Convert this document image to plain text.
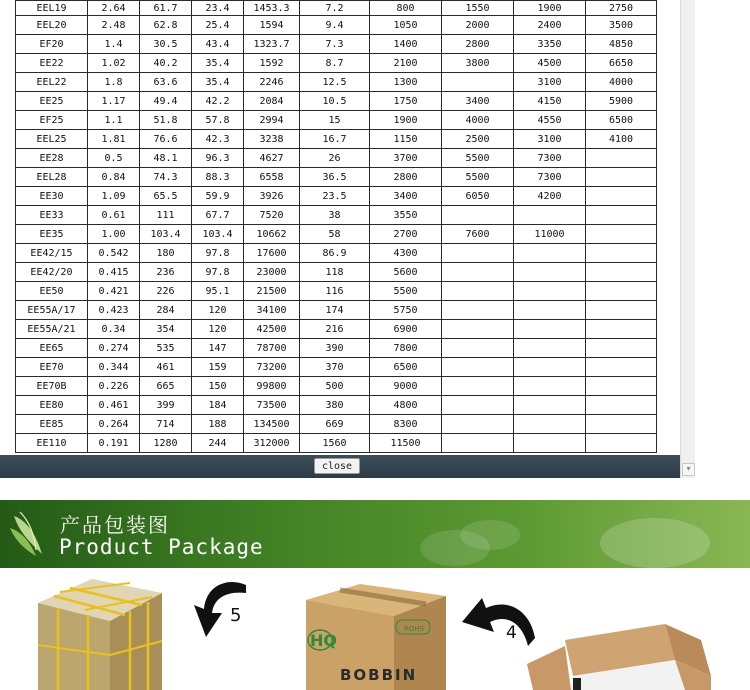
EEL19	2.64	61.7	23.4	1453.3	7.2	800	1550	1900	2750
EEL20	2.48	62.8	25.4	1594	9.4	1050	2000	2400	3500
EF20	1.4	30.5	43.4	1323.7	7.3	1400	2800	3350	4850
EE22	1.02	40.2	35.4	1592	8.7	2100	3800	4500	6650
EEL22	1.8	63.6	35.4	2246	12.5	1300		3100	4000
EE25	1.17	49.4	42.2	2084	10.5	1750	3400	4150	5900
EF25	1.1	51.8	57.8	2994	15	1900	4000	4550	6500
EEL25	1.81	76.6	42.3	3238	16.7	1150	2500	3100	4100
EE28	0.5	48.1	96.3	4627	26	3700	5500	7300	
EEL28	0.84	74.3	88.3	6558	36.5	2800	5500	7300	
EE30	1.09	65.5	59.9	3926	23.5	3400	6050	4200	
EE33	0.61	111	67.7	7520	38	3550			
EE35	1.00	103.4	103.4	10662	58	2700	7600	11000	
EE42/15	0.542	180	97.8	17600	86.9	4300			
EE42/20	0.415	236	97.8	23000	118	5600			
EE50	0.421	226	95.1	21500	116	5500			
EE55A/17	0.423	284	120	34100	174	5750			
EE55A/21	0.34	354	120	42500	216	6900			
EE65	0.274	535	147	78700	390	7800			
EE70	0.344	461	159	73200	370	6500			
EE70B	0.226	665	150	99800	500	9000			
EE80	0.461	399	184	73500	380	4800			
EE85	0.264	714	188	134500	669	8300			
EE110	0.191	1280	244	312000	1560	11500			
▾
close
产品包装图
Product Package
5
HQ
ROHS
BOBBIN
4
